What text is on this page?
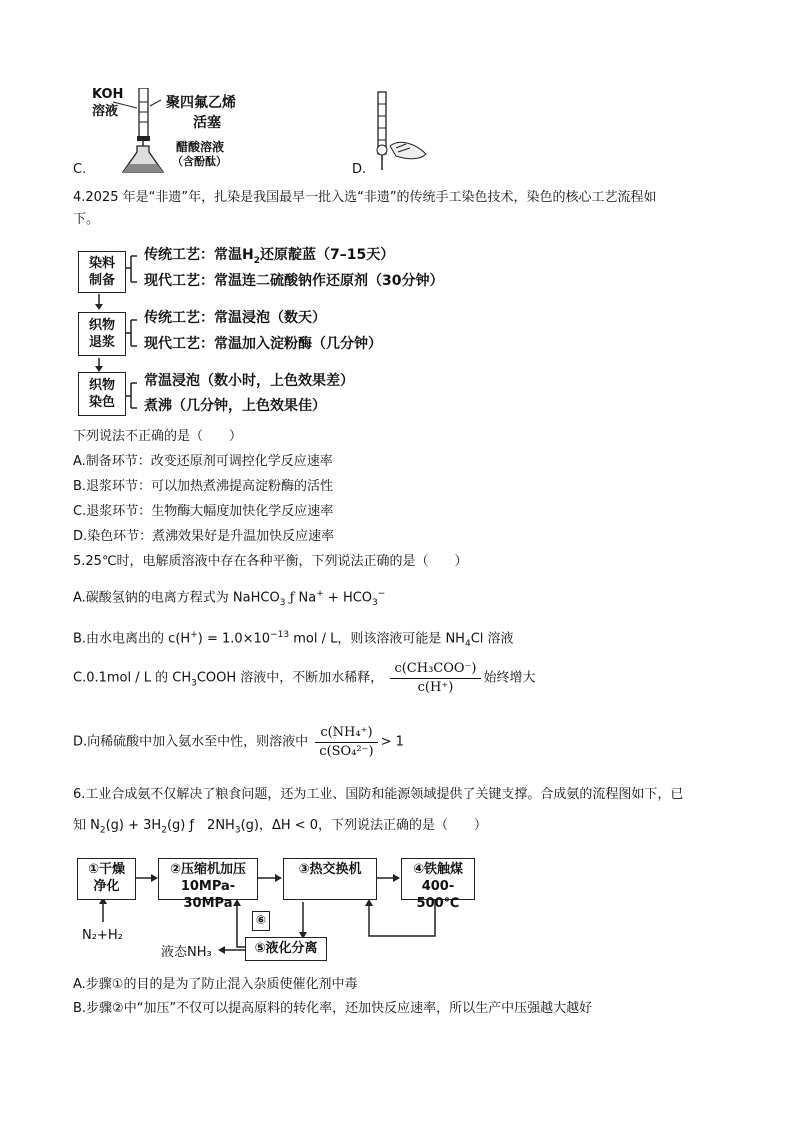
KOH
溶液
聚四氟乙烯
活塞
醋酸溶液
（含酚酞）
C.	D.
4.2025 年是“非遗”年，扎染是我国最早一批入选“非遗”的传统手工染色技术，染色的核心工艺流程如
下。
染料
制备
织物
退浆
织物
染色
传统工艺：常温$H_2$还原靛蓝（7–15天）
现代工艺：常温连二硫酸钠作还原剂（30分钟）
传统工艺：常温浸泡（数天）
现代工艺：常温加入淀粉酶（几分钟）
常温浸泡（数小时，上色效果差）
煮沸（几分钟，上色效果佳）
下列说法不正确的是（　　）
A.制备环节：改变还原剂可调控化学反应速率
B.退浆环节：可以加热煮沸提高淀粉酶的活性
C.退浆环节：生物酶大幅度加快化学反应速率
D.染色环节：煮沸效果好是升温加快反应速率
5.25℃时，电解质溶液中存在各种平衡，下列说法正确的是（　　）
A.碳酸氢钠的电离方程式为 NaHCO$_3$ ƒ $Na^+ + HCO_3^-$
B.由水电离出的 $c(H^+) = 1.0\times 10^{-13}$ mol / L，则该溶液可能是 $NH_4Cl$ 溶液
C.0.1mol / L 的 $CH_3COOH$ 溶液中，不断加水稀释， $\frac{\text{c(CH₃COO⁻)}}{c(H^+)}$ 始终增大
D.向稀硫酸中加入氨水至中性，则溶液中 $\frac{\text{c(NH₄⁺)}}{\text{c(SO₄²⁻)}} > 1$
6.工业合成氨不仅解决了粮食问题，还为工业、国防和能源领域提供了关键支撑。合成氨的流程图如下，已
知 $N_2(g) + 3H_2(g)$ ƒ　$2NH_3(g)$，ΔH < 0，下列说法正确的是（　　）
①干燥
净化
②压缩机加压
10MPa-30MPa
③热交换机	④铁触煤
400-500℃
⑤液化分离
⑥
N₂+H₂
液态NH₃
A.步骤①的目的是为了防止混入杂质使催化剂中毒
B.步骤②中“加压”不仅可以提高原料的转化率，还加快反应速率，所以生产中压强越大越好
